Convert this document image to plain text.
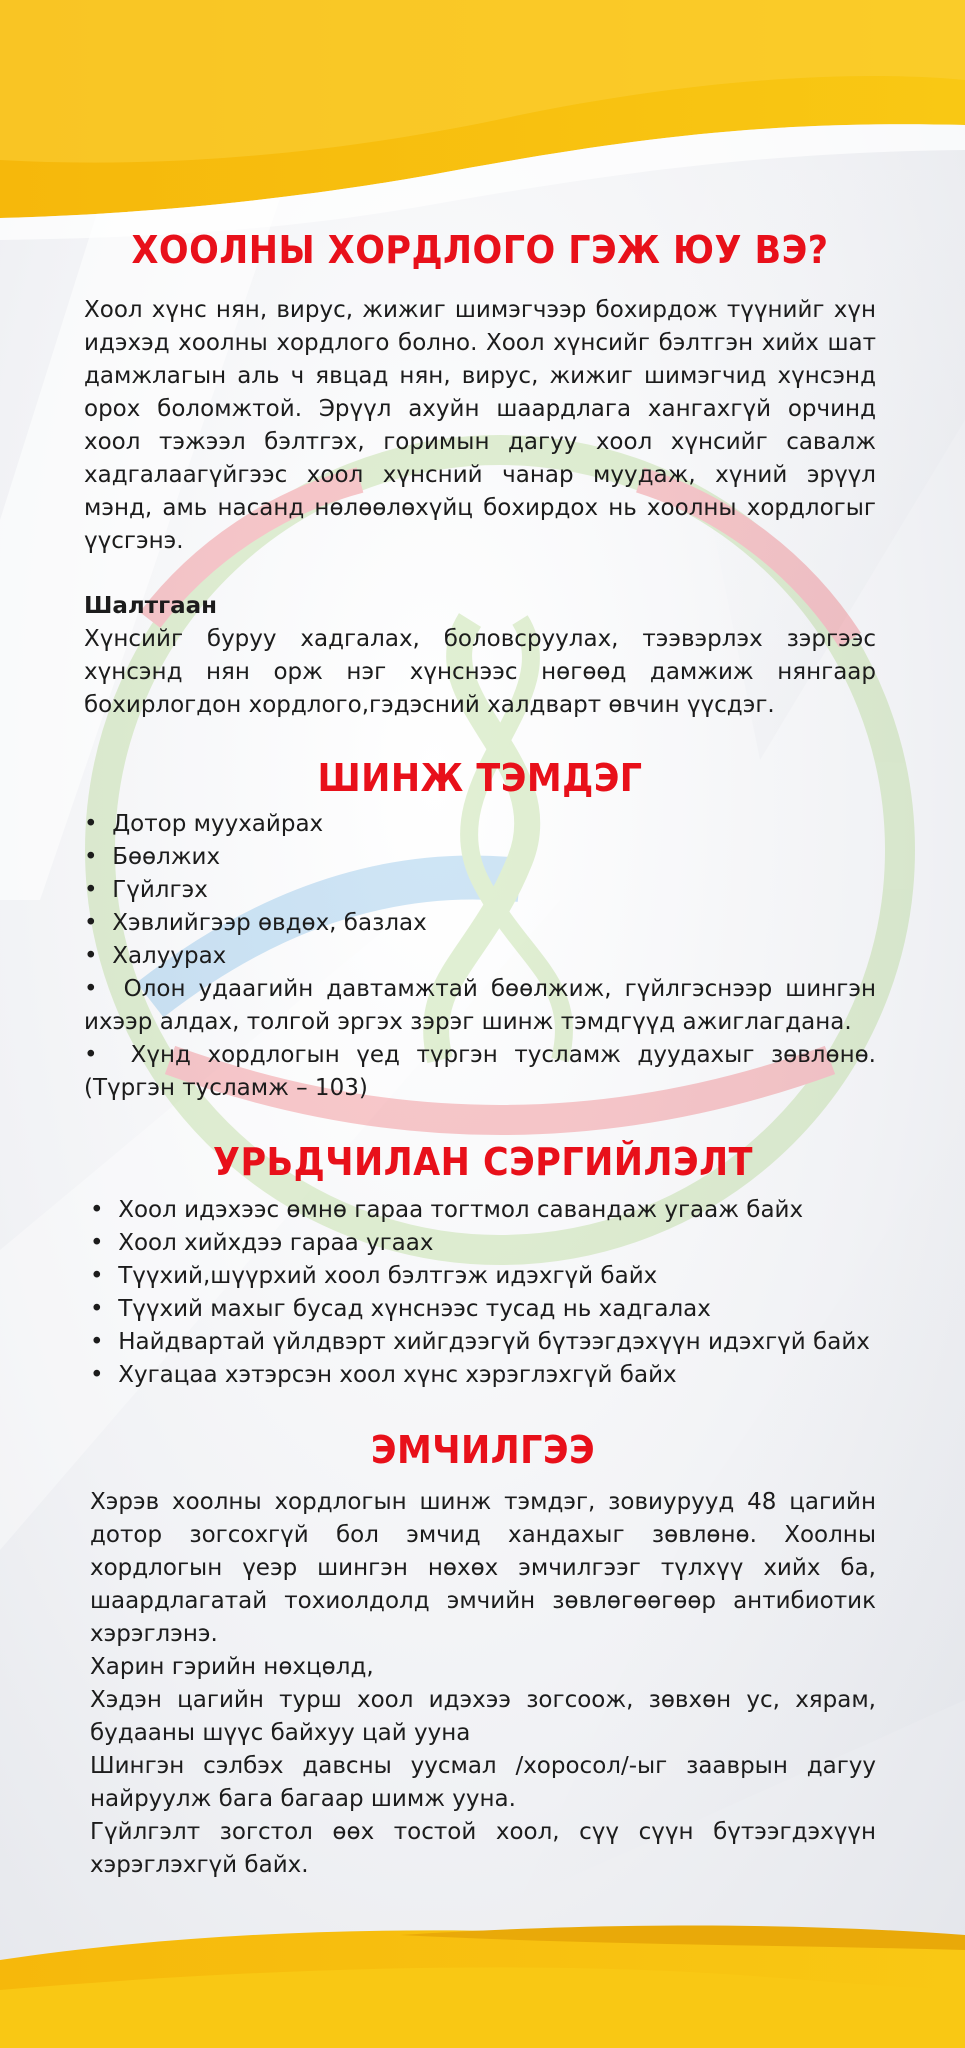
ХООЛНЫ ХОРДЛОГО ГЭЖ ЮУ ВЭ?

Хоол хүнс нян, вирус, жижиг шимэгчээр бохирдож түүнийг хүн идэхэд хоолны хордлого болно. Хоол хүнсийг бэлтгэн хийх шат дамжлагын аль ч явцад нян, вирус, жижиг шимэгчид хүнсэнд орох боломжтой. Эрүүл ахуйн шаардлага хангахгүй орчинд хоол тэжээл бэлтгэх, горимын дагуу хоол хүнсийг савалж хадгалаагүйгээс хоол хүнсний чанар муудаж, хүний эрүүл мэнд, амь насанд нөлөөлөхүйц бохирдох нь хоолны хордлогыг үүсгэнэ.

Шалтгаан

Хүнсийг буруу хадгалах, боловсруулах, тээвэрлэх зэргээс хүнсэнд нян орж нэг хүнснээс нөгөөд дамжиж нянгаар бохирлогдон хордлого,гэдэсний халдварт өвчин үүсдэг.

ШИНЖ ТЭМДЭГ
•  Дотор муухайрах
•  Бөөлжих
•  Гүйлгэх
•  Хэвлийгээр өвдөх, базлах
•  Халуурах
•  Олон удаагийн давтамжтай бөөлжиж, гүйлгэснээр шингэн ихээр алдах, толгой эргэх зэрэг шинж тэмдгүүд ажиглагдана.
•  Хүнд хордлогын үед түргэн тусламж дуудахыг зөвлөнө. (Түргэн тусламж – 103)
УРЬДЧИЛАН СЭРГИЙЛЭЛТ
•  Хоол идэхээс өмнө гараа тогтмол савандаж угааж байх
•  Хоол хийхдээ гараа угаах
•  Түүхий,шүүрхий хоол бэлтгэж идэхгүй байх
•  Түүхий махыг бусад хүнснээс тусад нь хадгалах
•  Найдвартай үйлдвэрт хийгдээгүй бүтээгдэхүүн идэхгүй байх
•  Хугацаа хэтэрсэн хоол хүнс хэрэглэхгүй байх
ЭМЧИЛГЭЭ

Хэрэв хоолны хордлогын шинж тэмдэг, зовиурууд 48 цагийн дотор зогсохгүй бол эмчид хандахыг зөвлөнө. Хоолны хордлогын үеэр шингэн нөхөх эмчилгээг түлхүү хийх ба, шаардлагатай тохиолдолд эмчийн зөвлөгөөгөөр антибиотик хэрэглэнэ.

Харин гэрийн нөхцөлд,

Хэдэн цагийн турш хоол идэхээ зогсоож, зөвхөн ус, хярам, будааны шүүс байхуу цай ууна

Шингэн сэлбэх давсны уусмал /хоросол/-ыг зааврын дагуу найруулж бага багаар шимж ууна.

Гүйлгэлт зогстол өөх тостой хоол, сүү сүүн бүтээгдэхүүн хэрэглэхгүй байх.
